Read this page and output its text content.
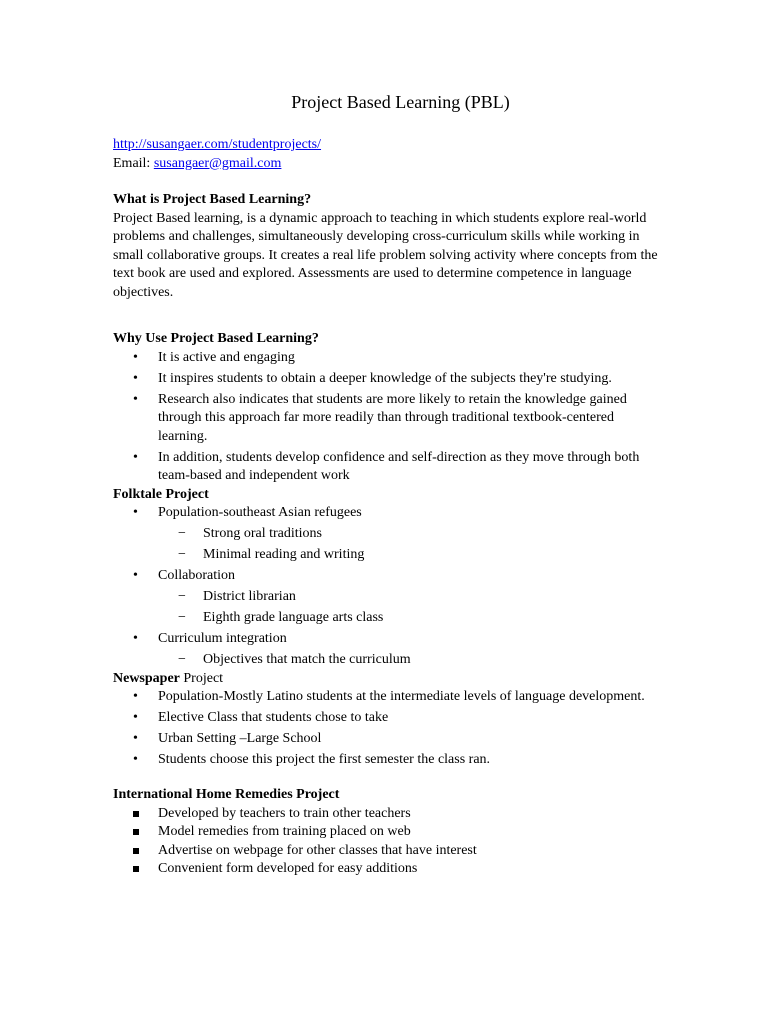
Project Based Learning (PBL)

http://susangaer.com/studentprojects/

Email: susangaer@gmail.com

What is Project Based Learning?

Project Based learning, is a dynamic approach to teaching in which students explore real-world problems and challenges, simultaneously developing cross-curriculum skills while working in small collaborative groups. It creates a real life problem solving activity where concepts from the text book are used and explored. Assessments are used to determine competence in language objectives.

Why Use Project Based Learning?
• It is active and engaging
• It inspires students to obtain a deeper knowledge of the subjects they're studying.
• Research also indicates that students are more likely to retain the knowledge gained through this approach far more readily than through traditional textbook-centered learning.
• In addition, students develop confidence and self-direction as they move through both team-based and independent work
Folktale Project
• Population-southeast Asian refugees
− Strong oral traditions
− Minimal reading and writing
• Collaboration
− District librarian
− Eighth grade language arts class
• Curriculum integration
− Objectives that match the curriculum
Newspaper Project
• Population-Mostly Latino students at the intermediate levels of language development.
• Elective Class that students chose to take
• Urban Setting –Large School
• Students choose this project the first semester the class ran.
International Home Remedies Project
Developed by teachers to train other teachers
Model remedies from training placed on web
Advertise on webpage for other classes that have interest
Convenient form developed for easy additions
